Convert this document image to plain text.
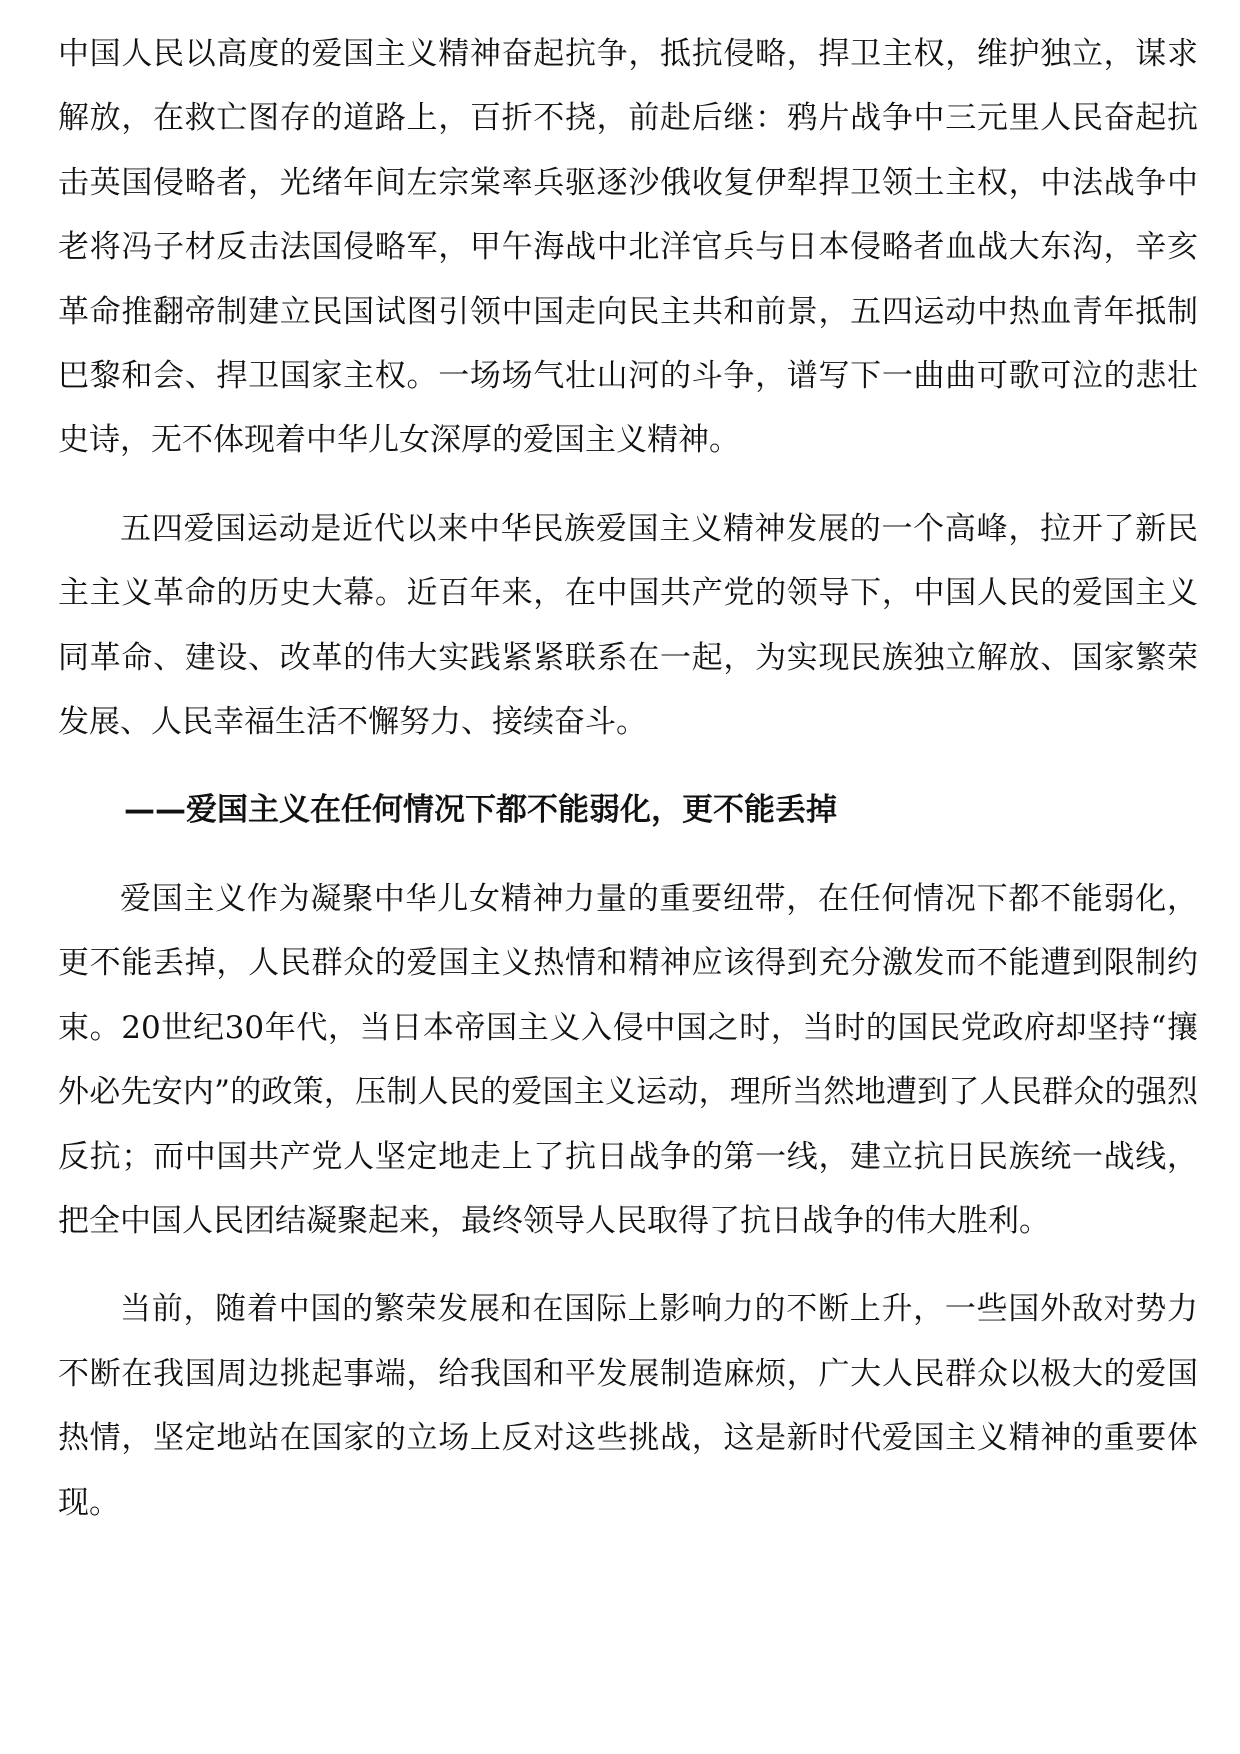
中国人民以高度的爱国主义精神奋起抗争，抵抗侵略，捍卫主权，维护独立，谋求解放，在救亡图存的道路上，百折不挠，前赴后继：鸦片战争中三元里人民奋起抗击英国侵略者，光绪年间左宗棠率兵驱逐沙俄收复伊犁捍卫领土主权，中法战争中老将冯子材反击法国侵略军，甲午海战中北洋官兵与日本侵略者血战大东沟，辛亥革命推翻帝制建立民国试图引领中国走向民主共和前景，五四运动中热血青年抵制巴黎和会、捍卫国家主权。一场场气壮山河的斗争，谱写下一曲曲可歌可泣的悲壮史诗，无不体现着中华儿女深厚的爱国主义精神。

五四爱国运动是近代以来中华民族爱国主义精神发展的一个高峰，拉开了新民主主义革命的历史大幕。近百年来，在中国共产党的领导下，中国人民的爱国主义同革命、建设、改革的伟大实践紧紧联系在一起，为实现民族独立解放、国家繁荣发展、人民幸福生活不懈努力、接续奋斗。

——爱国主义在任何情况下都不能弱化，更不能丢掉

爱国主义作为凝聚中华儿女精神力量的重要纽带，在任何情况下都不能弱化，更不能丢掉，人民群众的爱国主义热情和精神应该得到充分激发而不能遭到限制约束。20世纪30年代，当日本帝国主义入侵中国之时，当时的国民党政府却坚持“攘外必先安内”的政策，压制人民的爱国主义运动，理所当然地遭到了人民群众的强烈反抗；而中国共产党人坚定地走上了抗日战争的第一线，建立抗日民族统一战线，把全中国人民团结凝聚起来，最终领导人民取得了抗日战争的伟大胜利。

当前，随着中国的繁荣发展和在国际上影响力的不断上升，一些国外敌对势力不断在我国周边挑起事端，给我国和平发展制造麻烦，广大人民群众以极大的爱国热情，坚定地站在国家的立场上反对这些挑战，这是新时代爱国主义精神的重要体现。
